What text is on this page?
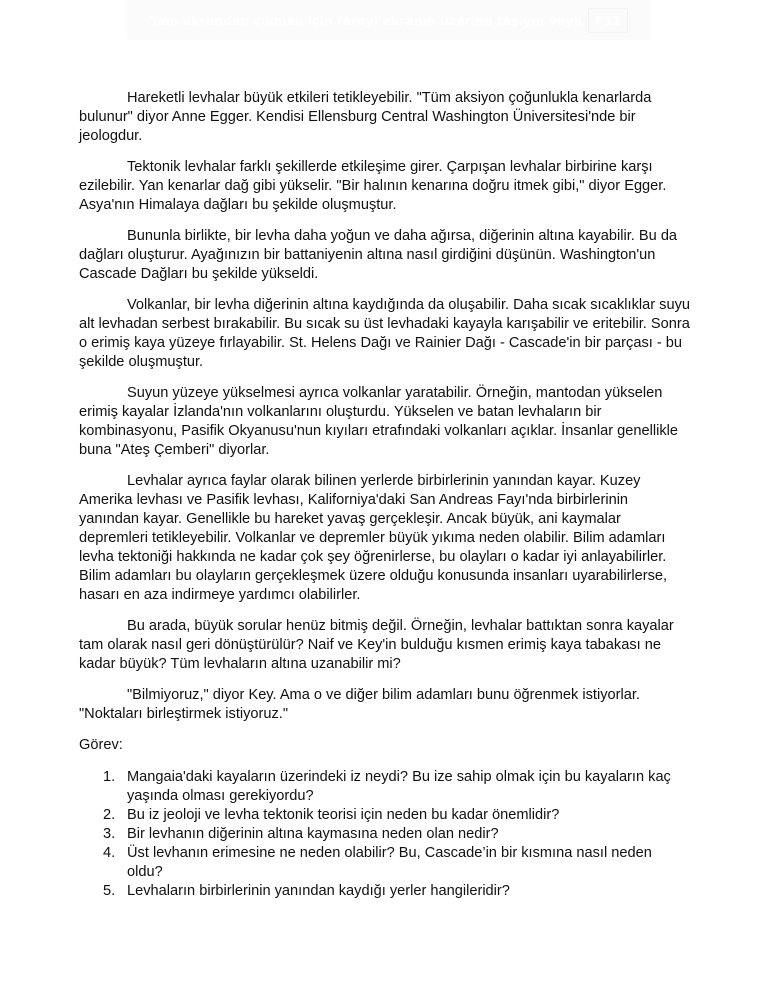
Tam ekrandan çıkmak için fareyi ekranın üzerine taşıyın veya	F11

Hareketli levhalar büyük etkileri tetikleyebilir. "Tüm aksiyon çoğunlukla kenarlarda bulunur" diyor Anne Egger. Kendisi Ellensburg Central Washington Üniversitesi'nde bir jeologdur.

Tektonik levhalar farklı şekillerde etkileşime girer. Çarpışan levhalar birbirine karşı ezilebilir. Yan kenarlar dağ gibi yükselir. "Bir halının kenarına doğru itmek gibi," diyor Egger. Asya'nın Himalaya dağları bu şekilde oluşmuştur.

Bununla birlikte, bir levha daha yoğun ve daha ağırsa, diğerinin altına kayabilir. Bu da dağları oluşturur. Ayağınızın bir battaniyenin altına nasıl girdiğini düşünün. Washington'un Cascade Dağları bu şekilde yükseldi.

Volkanlar, bir levha diğerinin altına kaydığında da oluşabilir. Daha sıcak sıcaklıklar suyu alt levhadan serbest bırakabilir. Bu sıcak su üst levhadaki kayayla karışabilir ve eritebilir. Sonra o erimiş kaya yüzeye fırlayabilir. St. Helens Dağı ve Rainier Dağı - Cascade'in bir parçası - bu şekilde oluşmuştur.

Suyun yüzeye yükselmesi ayrıca volkanlar yaratabilir. Örneğin, mantodan yükselen erimiş kayalar İzlanda'nın volkanlarını oluşturdu. Yükselen ve batan levhaların bir kombinasyonu, Pasifik Okyanusu'nun kıyıları etrafındaki volkanları açıklar. İnsanlar genellikle buna "Ateş Çemberi" diyorlar.

Levhalar ayrıca faylar olarak bilinen yerlerde birbirlerinin yanından kayar. Kuzey Amerika levhası ve Pasifik levhası, Kaliforniya'daki San Andreas Fayı'nda birbirlerinin yanından kayar. Genellikle bu hareket yavaş gerçekleşir. Ancak büyük, ani kaymalar depremleri tetikleyebilir. Volkanlar ve depremler büyük yıkıma neden olabilir. Bilim adamları levha tektoniği hakkında ne kadar çok şey öğrenirlerse, bu olayları o kadar iyi anlayabilirler. Bilim adamları bu olayların gerçekleşmek üzere olduğu konusunda insanları uyarabilirlerse, hasarı en aza indirmeye yardımcı olabilirler.

Bu arada, büyük sorular henüz bitmiş değil. Örneğin, levhalar battıktan sonra kayalar tam olarak nasıl geri dönüştürülür? Naif ve Key'in bulduğu kısmen erimiş kaya tabakası ne kadar büyük? Tüm levhaların altına uzanabilir mi?

"Bilmiyoruz," diyor Key. Ama o ve diğer bilim adamları bunu öğrenmek istiyorlar. "Noktaları birleştirmek istiyoruz."

Görev:

1. Mangaia'daki kayaların üzerindeki iz neydi? Bu ize sahip olmak için bu kayaların kaç yaşında olması gerekiyordu?
2. Bu iz jeoloji ve levha tektonik teorisi için neden bu kadar önemlidir?
3. Bir levhanın diğerinin altına kaymasına neden olan nedir?
4. Üst levhanın erimesine ne neden olabilir? Bu, Cascade’in bir kısmına nasıl neden oldu?
5. Levhaların birbirlerinin yanından kaydığı yerler hangileridir?
